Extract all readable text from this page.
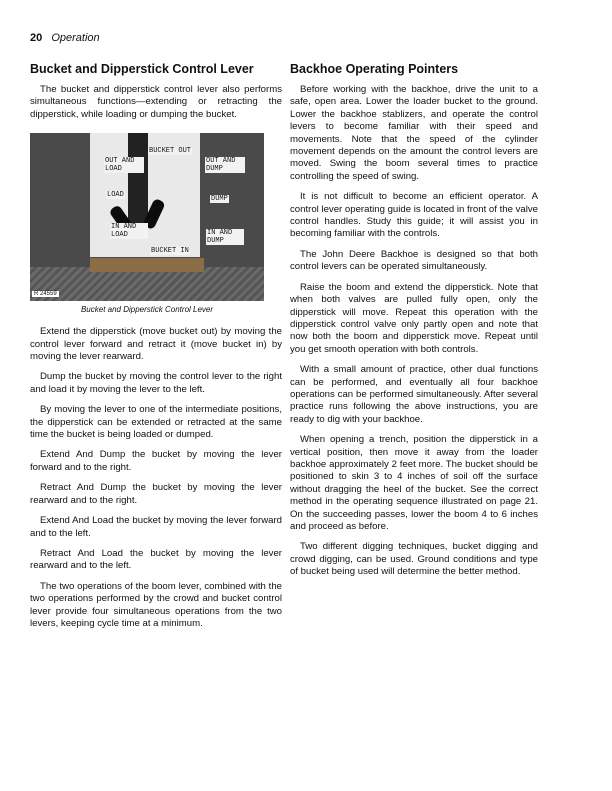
20 Operation
Bucket and Dipperstick Control Lever

The bucket and dipperstick control lever also performs simultaneous functions—extending or retracting the dipperstick, while loading or dumping the bucket.

BUCKET OUT
OUT AND LOAD
OUT AND DUMP
LOAD	DUMP
IN AND LOAD	IN AND DUMP
BUCKET IN
R 24559
Bucket and Dipperstick Control Lever

Extend the dipperstick (move bucket out) by moving the control lever forward and retract it (move bucket in) by moving the lever rearward.

Dump the bucket by moving the control lever to the right and load it by moving the lever to the left.

By moving the lever to one of the intermediate positions, the dipperstick can be extended or retracted at the same time the bucket is being loaded or dumped.

Extend And Dump the bucket by moving the lever forward and to the right.

Retract And Dump the bucket by moving the lever rearward and to the right.

Extend And Load the bucket by moving the lever forward and to the left.

Retract And Load the bucket by moving the lever rearward and to the left.

The two operations of the boom lever, combined with the two operations performed by the crowd and bucket control lever provide four simultaneous operations from the two levers, keeping cycle time at a minimum.

Backhoe Operating Pointers

Before working with the backhoe, drive the unit to a safe, open area. Lower the loader bucket to the ground. Lower the backhoe stablizers, and operate the control levers to become familiar with their speed and movements. Note that the speed of the cylinder movement depends on the amount the control levers are moved. Swing the boom several times to practice controlling the speed of swing.

It is not difficult to become an efficient operator. A control lever operating guide is located in front of the valve control handles. Study this guide; it will assist you in becoming familiar with the controls.

The John Deere Backhoe is designed so that both control levers can be operated simultaneously.

Raise the boom and extend the dipperstick. Note that when both valves are pulled fully open, only the dipperstick will move. Repeat this operation with the dipperstick control valve only partly open and note that now both the boom and dipperstick move. Repeat until you get smooth operation with both controls.

With a small amount of practice, other dual functions can be performed, and eventually all four backhoe operations can be performed simultaneously. After several practice runs following the above instructions, you are ready to dig with your backhoe.

When opening a trench, position the dipperstick in a vertical position, then move it away from the loader backhoe approximately 2 feet more. The bucket should be positioned to skin 3 to 4 inches of soil off the surface without dragging the heel of the bucket. See the correct method in the operating sequence illustrated on page 21. On the succeeding passes, lower the boom 4 to 6 inches and proceed as before.

Two different digging techniques, bucket digging and crowd digging, can be used. Ground conditions and type of bucket being used will determine the better method.
